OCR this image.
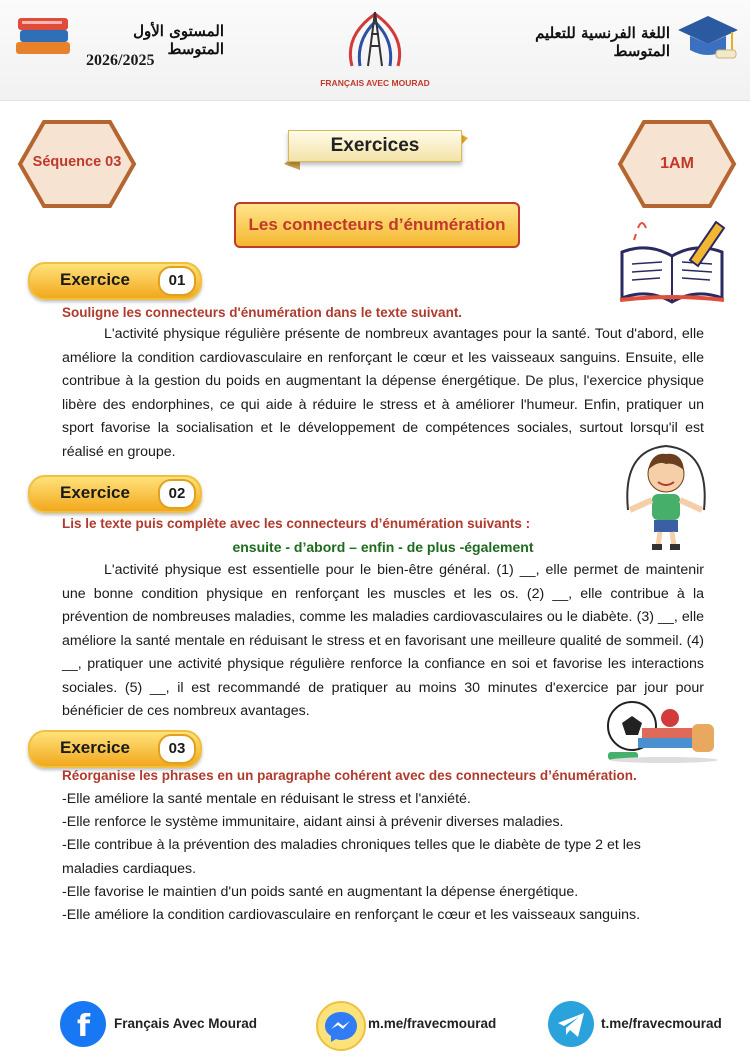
المستوى الأول المتوسط
2026/2025
FRANÇAIS AVEC MOURAD
اللغة الفرنسية للتعليم المتوسط
Séquence 03	1AM
Exercices
Les connecteurs d’énumération
Exercice	01
Souligne les connecteurs d'énumération dans le texte suivant.
L'activité physique régulière présente de nombreux avantages pour la santé. Tout d'abord, elle améliore la condition cardiovasculaire en renforçant le cœur et les vaisseaux sanguins. Ensuite, elle contribue à la gestion du poids en augmentant la dépense énergétique. De plus, l'exercice physique libère des endorphines, ce qui aide à réduire le stress et à améliorer l'humeur. Enfin, pratiquer un sport favorise la socialisation et le développement de compétences sociales, surtout lorsqu'il est réalisé en groupe.
Exercice	02
Lis le texte puis complète avec les connecteurs d’énumération suivants :
ensuite - d’abord – enfin - de plus -également
L'activité physique est essentielle pour le bien-être général. (1) __, elle permet de maintenir une bonne condition physique en renforçant les muscles et les os. (2) __, elle contribue à la prévention de nombreuses maladies, comme les maladies cardiovasculaires ou le diabète. (3) __, elle améliore la santé mentale en réduisant le stress et en favorisant une meilleure qualité de sommeil. (4) __, pratiquer une activité physique régulière renforce la confiance en soi et favorise les interactions sociales. (5) __, il est recommandé de pratiquer au moins 30 minutes d'exercice par jour pour bénéficier de ces nombreux avantages.
Exercice	03
Réorganise les phrases en un paragraphe cohérent avec des connecteurs d’énumération.
-Elle améliore la santé mentale en réduisant le stress et l'anxiété.
-Elle renforce le système immunitaire, aidant ainsi à prévenir diverses maladies.
-Elle contribue à la prévention des maladies chroniques telles que le diabète de type 2 et les maladies cardiaques.
-Elle favorise le maintien d'un poids santé en augmentant la dépense énergétique.
-Elle améliore la condition cardiovasculaire en renforçant le cœur et les vaisseaux sanguins.
f Français Avec Mourad	m.me/fravecmourad	t.me/fravecmourad
